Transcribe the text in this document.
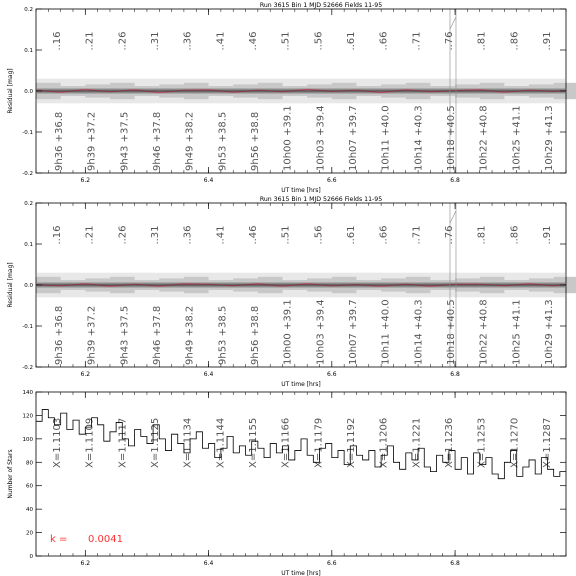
..16 ..21 ..26 ..31 ..36 ..41 ..46 ..51 ..56 ..61 ..66 ..71 ..76 ..81 ..86 ..91
9h36 +36.8 9h39 +37.2 9h43 +37.5 9h46 +37.8 9h49 +38.2 9h53 +38.5 9h56 +38.8 10h00 +39.1 10h03 +39.4 10h07 +39.7 10h11 +40.0 10h14 +40.3 10h18 +40.5 10h22 +40.8 10h25 +41.1 10h29 +41.3
6.2	6.4	6.6	6.8
-0.2
-0.1
0.0
0.1
0.2
UT time [hrs]
Residual [mag]
Run 3615 Bin 1 MJD 52666 Fields 11-95
..16 ..21 ..26 ..31 ..36 ..41 ..46 ..51 ..56 ..61 ..66 ..71 ..76 ..81 ..86 ..91
9h36 +36.8 9h39 +37.2 9h43 +37.5 9h46 +37.8 9h49 +38.2 9h53 +38.5 9h56 +38.8 10h00 +39.1 10h03 +39.4 10h07 +39.7 10h11 +40.0 10h14 +40.3 10h18 +40.5 10h22 +40.8 10h25 +41.1 10h29 +41.3
6.2	6.4	6.6	6.8
-0.2
-0.1
0.0
0.1
0.2
UT time [hrs]
Residual [mag]
Run 3615 Bin 1 MJD 52666 Fields 11-95
X=1.1103 X=1.1109 X=1.1117 X=1.1125 X=1.1134 X=1.1144 X=1.1155 X=1.1166 X=1.1179 X=1.1192 X=1.1206 X=1.1221 X=1.1236 X=1.1253 X=1.1270 X=1.1287
k = 0.0041
6.2	6.4	6.6	6.8
0
20
40
60
80
100
120
140
UT time [hrs]
Number of Stars
